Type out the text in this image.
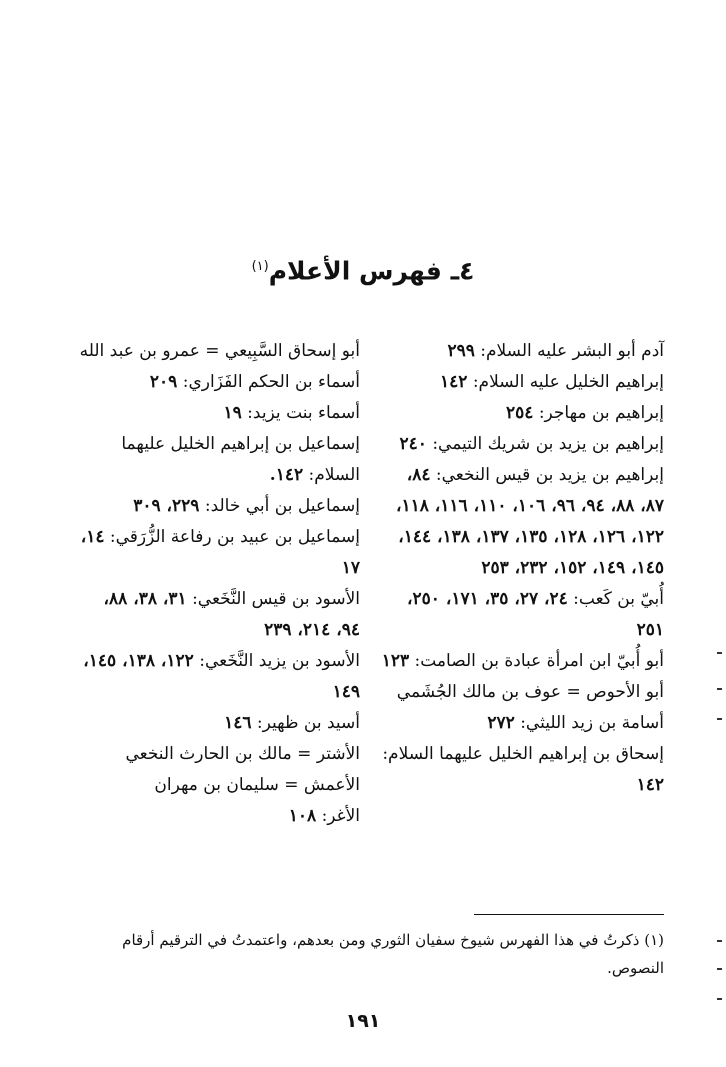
٤ـ فهرس الأعلام$^{(١)}$

آدم أبو البشر عليه السلام: ٢٩٩

إبراهيم الخليل عليه السلام: ١٤٢

إبراهيم بن مهاجر: ٢٥٤

إبراهيم بن يزيد بن شريك التيمي: ٢٤٠

إبراهيم بن يزيد بن قيس النخعي: ٨٤، ٨٧، ٨٨، ٩٤، ٩٦، ١٠٦، ١١٠، ١١٦، ١١٨، ١٢٢، ١٢٦، ١٢٨، ١٣٥، ١٣٧، ١٣٨، ١٤٤، ١٤٥، ١٤٩، ١٥٢، ٢٣٢، ٢٥٣

أُبيّ بن كَعب: ٢٤، ٢٧، ٣٥، ١٧١، ٢٥٠، ٢٥١

أبو أُبيّ ابن امرأة عبادة بن الصامت: ١٢٣

أبو الأحوص = عوف بن مالك الجُشَمي

أسامة بن زيد الليثي: ٢٧٢

إسحاق بن إبراهيم الخليل عليهما السلام: ١٤٢

أبو إسحاق السَّبِيعي = عمرو بن عبد الله

أسماء بن الحكم الفَزَاري: ٢٠٩

أسماء بنت يزيد: ١٩

إسماعيل بن إبراهيم الخليل عليهما السلام: ١٤٢.

إسماعيل بن أبي خالد: ٢٢٩، ٣٠٩

إسماعيل بن عبيد بن رفاعة الزُّرَقي: ١٤، ١٧

الأسود بن قيس النَّخَعي: ٣١، ٣٨، ٨٨، ٩٤، ٢١٤، ٢٣٩

الأسود بن يزيد النَّخَعي: ١٢٢، ١٣٨، ١٤٥، ١٤٩

أسيد بن ظهير: ١٤٦

الأشتر = مالك بن الحارث النخعي

الأعمش = سليمان بن مهران

الأغر: ١٠٨

(١) ذكرتُ في هذا الفهرس شيوخ سفيان الثوري ومن بعدهم، واعتمدتُ في الترقيم أرقام النصوص.
١٩١
